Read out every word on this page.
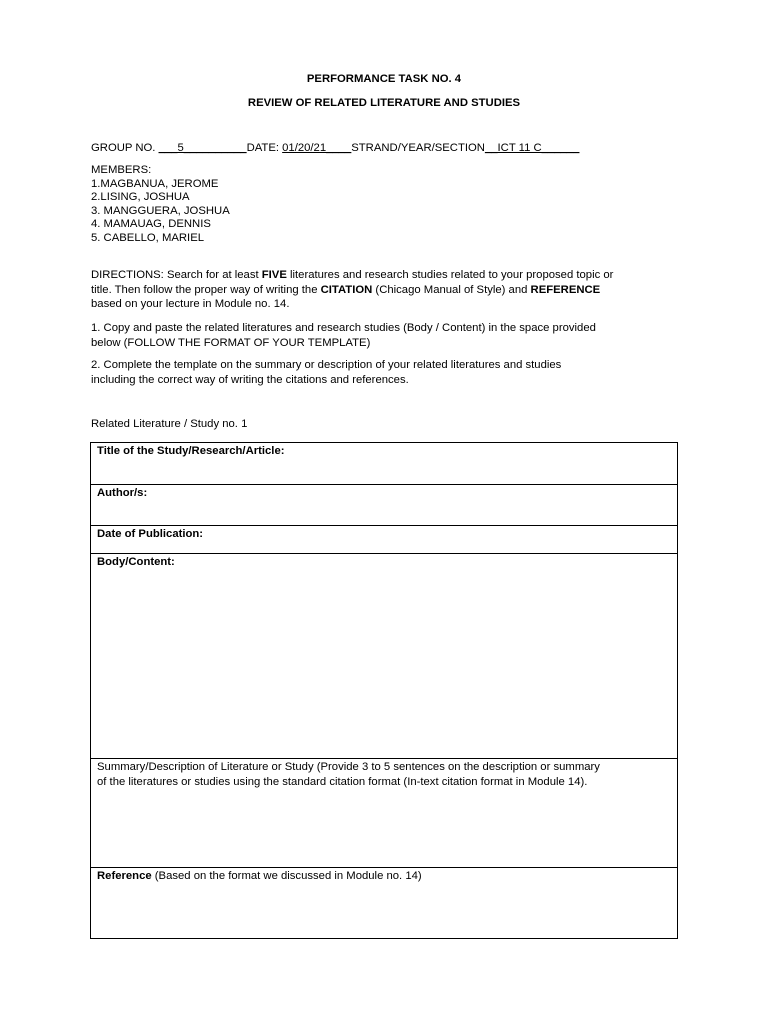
PERFORMANCE TASK NO. 4
REVIEW OF RELATED LITERATURE AND STUDIES
GROUP NO. ___5__________DATE: 01/20/21____STRAND/YEAR/SECTION__ICT 11 C______
MEMBERS:
1.MAGBANUA, JEROME
2.LISING, JOSHUA
3. MANGGUERA, JOSHUA
4. MAMAUAG, DENNIS
5. CABELLO, MARIEL
DIRECTIONS: Search for at least FIVE literatures and research studies related to your proposed topic or
title. Then follow the proper way of writing the CITATION (Chicago Manual of Style) and REFERENCE
based on your lecture in Module no. 14.
1. Copy and paste the related literatures and research studies (Body / Content) in the space provided
below (FOLLOW THE FORMAT OF YOUR TEMPLATE)
2. Complete the template on the summary or description of your related literatures and studies
including the correct way of writing the citations and references.
Related Literature / Study no. 1
Title of the Study/Research/Article:
Author/s:
Date of Publication:
Body/Content:

Summary/Description of Literature or Study (Provide 3 to 5 sentences on the description or summary
of the literatures or studies using the standard citation format (In-text citation format in Module 14).

Reference (Based on the format we discussed in Module no. 14)
